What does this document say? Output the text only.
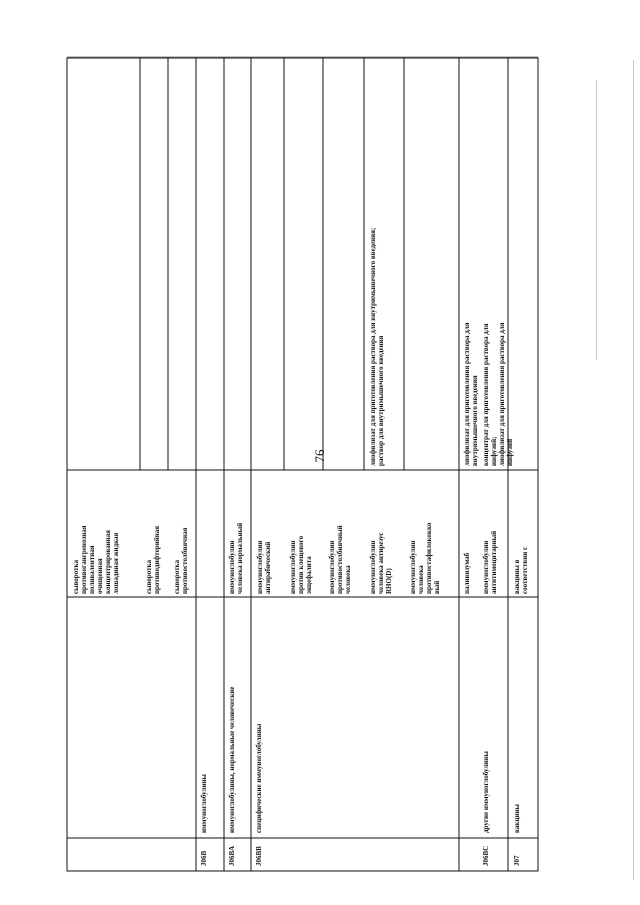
76
сыворотка
противогангренозная
поливалентная
очищенная
концентрированная
лошадиная жидкая
сыворотка
противодифтерийная сыворотка
противостолбнячная
J06B
иммуноглобулины
J06BA
иммуноглобулины, нормальные человеческие
иммуноглобулин
человека нормальный
J06BB
специфические иммуноглобулины
иммуноглобулин
антирабический иммуноглобулин
против клещевого
энцефалита иммуноглобулин
противостолбнячный
человека иммуноглобулин
человека антирезус
RHO(D)
лиофилизат для приготовления раствора для внутримышечного введения;
раствор для внутримышечного введения
иммуноглобулин
человека
противостафилококко
вый	паливизумаб
лиофилизат для приготовления раствора для внутримышечного введения
J06BC
другие иммуноглобулины
иммуноглобулин
антитимоцитарный
концентрат для приготовления раствора для инфузий;
лиофилизат для приготовления раствора для инфузий
J07
вакцины
вакцины в
соответствии с
